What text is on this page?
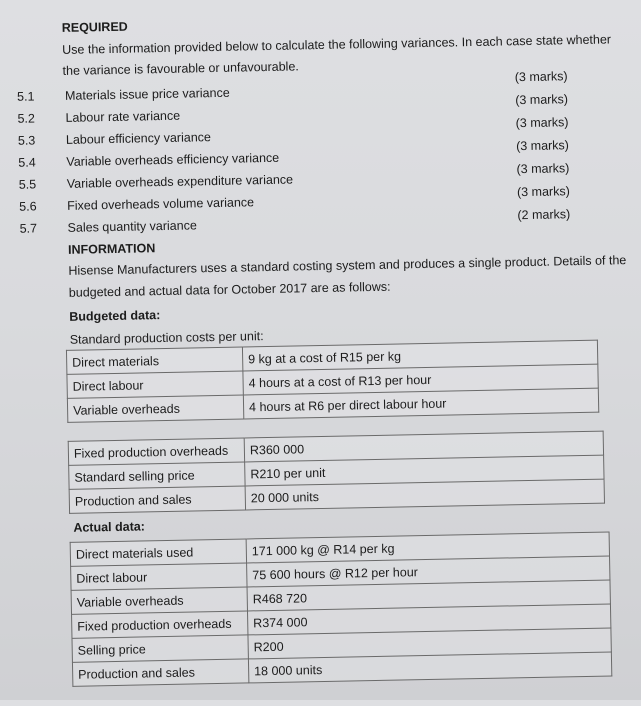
REQUIRED
Use the information provided below to calculate the following variances. In each case state whether
the variance is favourable or unfavourable.
5.1 Materials issue price variance
(3 marks)
5.2 Labour rate variance
(3 marks)
5.3 Labour efficiency variance
(3 marks)
5.4 Variable overheads efficiency variance
(3 marks)
5.5 Variable overheads expenditure variance
(3 marks)
5.6 Fixed overheads volume variance
(3 marks)
5.7 Sales quantity variance
(2 marks)
INFORMATION
Hisense Manufacturers uses a standard costing system and produces a single product. Details of the
budgeted and actual data for October 2017 are as follows:
Budgeted data:
Standard production costs per unit:
Direct materials	9 kg at a cost of R15 per kg
Direct labour	4 hours at a cost of R13 per hour
Variable overheads	4 hours at R6 per direct labour hour
Fixed production overheads	R360 000
Standard selling price	R210 per unit
Production and sales	20 000 units
Actual data:
Direct materials used	171 000 kg @ R14 per kg
Direct labour	75 600 hours @ R12 per hour
Variable overheads	R468 720
Fixed production overheads	R374 000
Selling price	R200
Production and sales	18 000 units
